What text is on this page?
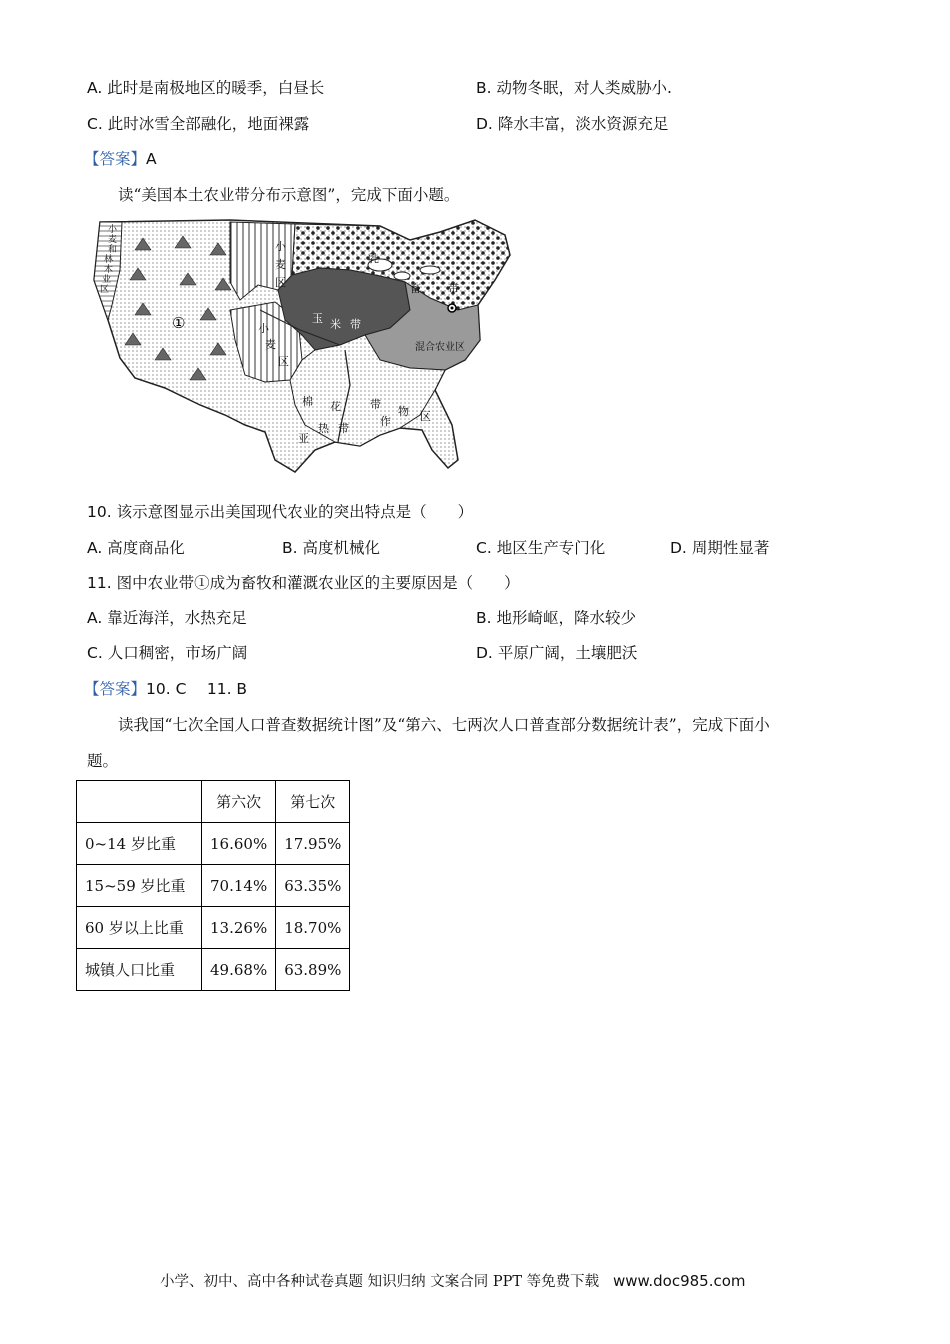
A. 此时是南极地区的暖季，白昼长	B. 动物冬眠，对人类威胁小.
C. 此时冰雪全部融化，地面裸露	D. 降水丰富，淡水资源充足
【答案】A
读“美国本土农业带分布示意图”，完成下面小题。
小
麦
和
林
木
业
区
①
小
麦
区
小
麦
区
乳
畜 带
玉 米 带
混合农业区
棉 花	带
作
物 区
亚
热 带
10. 该示意图显示出美国现代农业的突出特点是（　　）
A. 高度商品化	B. 高度机械化	C. 地区生产专门化	D. 周期性显著
11. 图中农业带①成为畜牧和灌溉农业区的主要原因是（　　）
A. 靠近海洋，水热充足	B. 地形崎岖，降水较少
C. 人口稠密，市场广阔	D. 平原广阔，土壤肥沃
【答案】10. C　 11. B
读我国“七次全国人口普查数据统计图”及“第六、七两次人口普查部分数据统计表”，完成下面小
题。
	第六次	第七次
0~14 岁比重	16.60%	17.95%
15~59 岁比重	70.14%	63.35%
60 岁以上比重	13.26%	18.70%
城镇人口比重	49.68%	63.89%
小学、初中、高中各种试卷真题 知识归纳 文案合同 PPT 等免费下载 www.doc985.com
